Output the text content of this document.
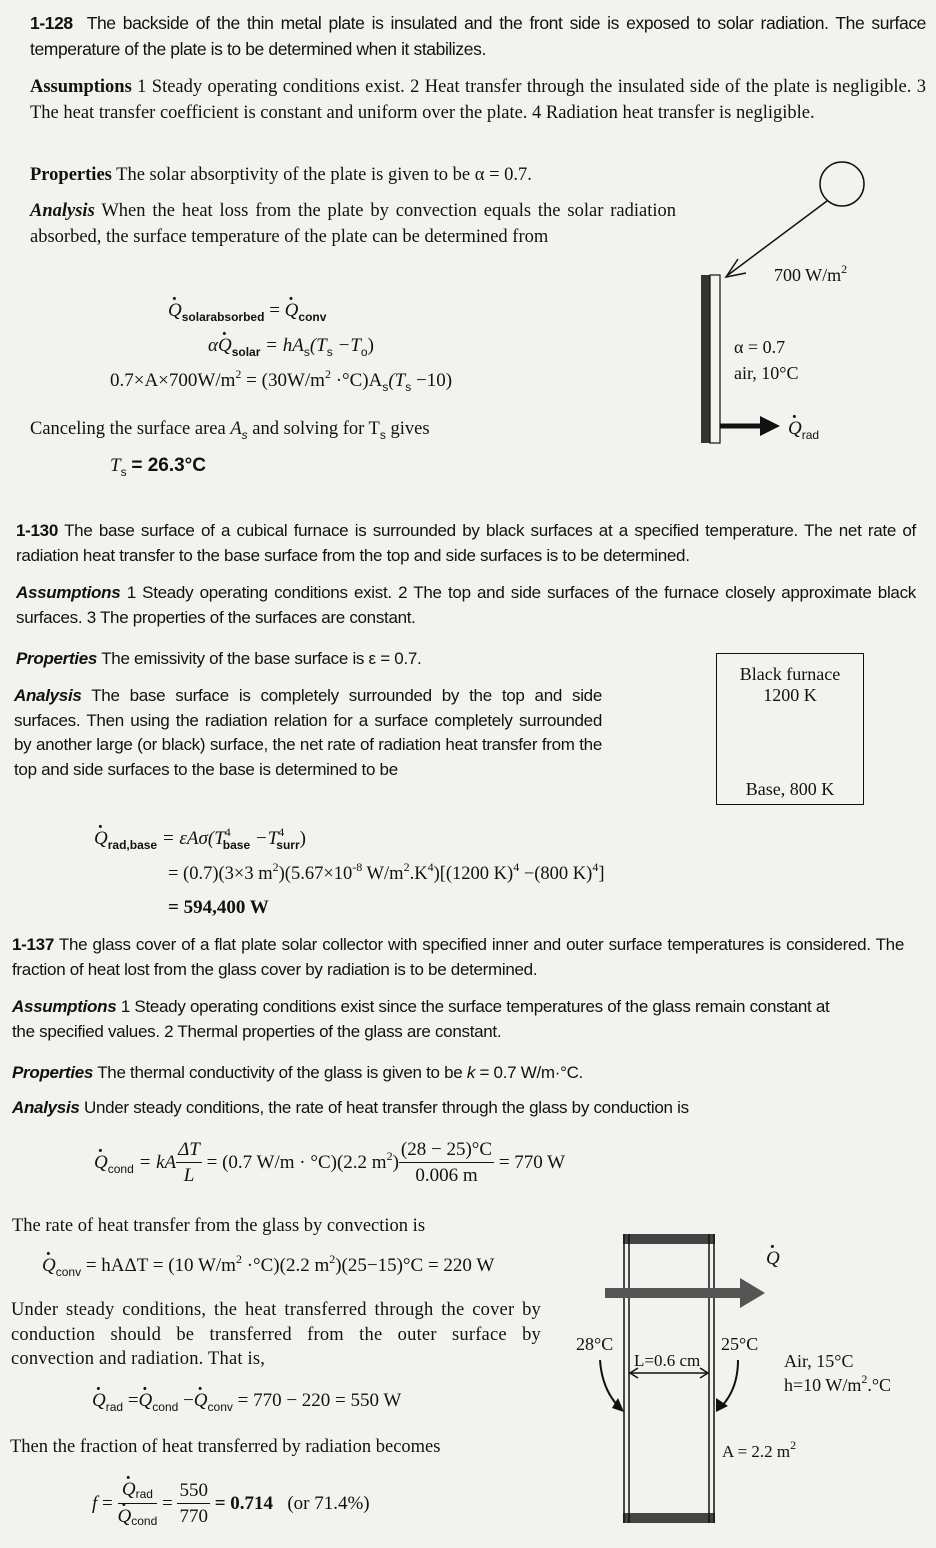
1-128 The backside of the thin metal plate is insulated and the front side is exposed to solar radiation. The surface temperature of the plate is to be determined when it stabilizes.
Assumptions 1 Steady operating conditions exist. 2 Heat transfer through the insulated side of the plate is negligible. 3 The heat transfer coefficient is constant and uniform over the plate. 4 Radiation heat transfer is negligible.
Properties The solar absorptivity of the plate is given to be α = 0.7.
Analysis When the heat loss from the plate by convection equals the solar radiation absorbed, the surface temperature of the plate can be determined from
. $Q_{solarabsorbed}$ = . $Q_{conv}$
α. $Q_{solar} = hA_s(T_s -T_o)$
$0.7\times A\times 700W/m^2 = (30W/m^2 \cdot^\circ C)A_s(T_s -10)$
Canceling the surface area $A_s$ and solving for $T_s$ gives
$T_s = 26.3^\circ C$
700 $W/m^2$
α = 0.7
air, 10°C
. $Q_{rad}$
1-130 The base surface of a cubical furnace is surrounded by black surfaces at a specified temperature. The net rate of radiation heat transfer to the base surface from the top and side surfaces is to be determined.
Assumptions 1 Steady operating conditions exist. 2 The top and side surfaces of the furnace closely approximate black surfaces. 3 The properties of the surfaces are constant.
Properties The emissivity of the base surface is ε = 0.7.
Analysis The base surface is completely surrounded by the top and side surfaces. Then using the radiation relation for a surface completely surrounded by another large (or black) surface, the net rate of radiation heat transfer from the top and side surfaces to the base is determined to be
. $Q_{rad,base} = \varepsilon A\sigma(T^4_{base} -T^4_{surr})$
= (0.7)(3×3 $m^2)(5.67\times 10^{-8}$ $W/m^2.K^4)[(1200$ K)$^4$ −(800 K)$^4$]
= 594,400 W
Black furnace
1200 K
Base, 800 K
1-137 The glass cover of a flat plate solar collector with specified inner and outer surface temperatures is considered. The fraction of heat lost from the glass cover by radiation is to be determined.
Assumptions 1 Steady operating conditions exist since the surface temperatures of the glass remain constant at the specified values. 2 Thermal properties of the glass are constant.
Properties The thermal conductivity of the glass is given to be k = 0.7 W/m·°C.
Analysis Under steady conditions, the rate of heat transfer through the glass by conduction is
. $Q_{cond}$ = kA $\frac{\Delta T}{L} = (0.7$ W/m · °C)(2.2 $m^2) \frac{(28 - 25)^\circ C}{0.006 m} = 770$ W
The rate of heat transfer from the glass by convection is
. $Q_{conv} = hA\Delta T = (10$ $W/m^2 \cdot^\circ C)(2.2$ $m^2)(25-15)^\circ C = 220$ W
Under steady conditions, the heat transferred through the cover by conduction should be transferred from the outer surface by convection and radiation. That is,
. $Q_{rad}$ =. $Q_{cond}$ −. $Q_{conv} = 770 - 220 = 550$ W
Then the fraction of heat transferred by radiation becomes
f = . Qrad
. Qcond = $\frac{550}{770} = 0.714$ (or 71.4%)
. Q
28°C	25°C
L=0.6 cm	Air, 15°C
h=10 $W/m^2.^\circ C$
A = 2.2 $m^2$
